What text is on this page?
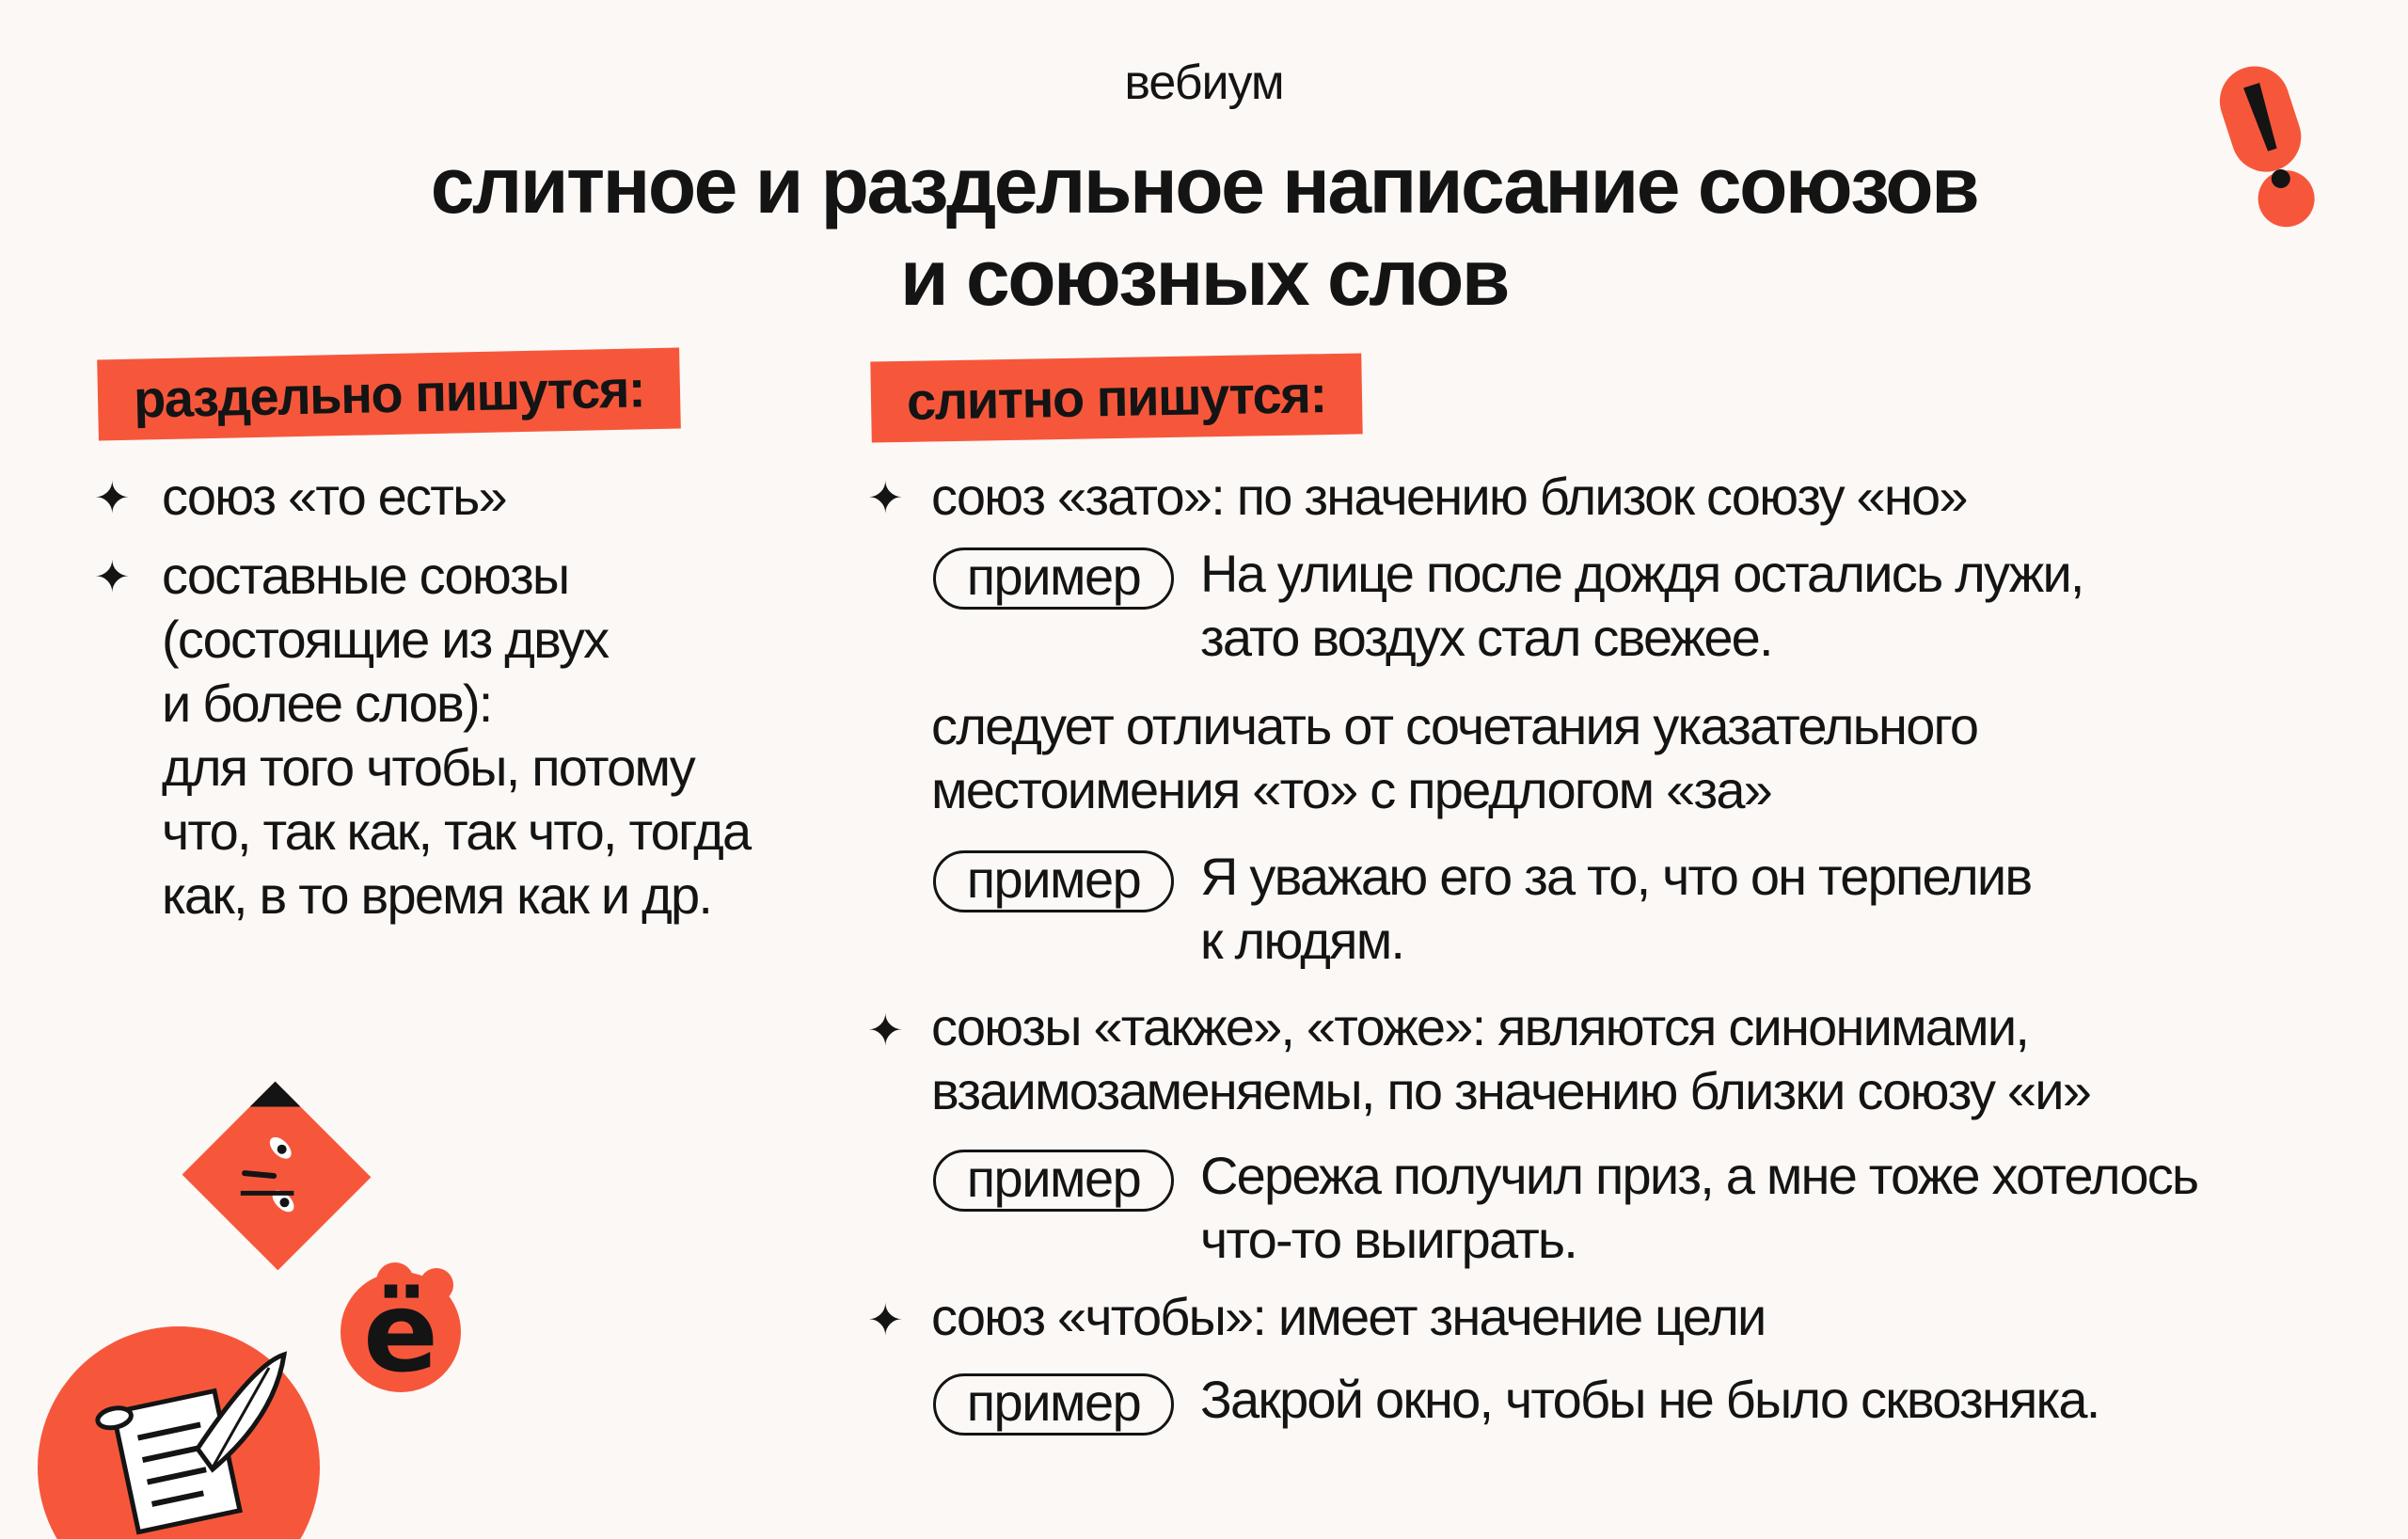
вебиум
слитное и раздельное написание союзов
и союзных слов
раздельно пишутся:
✦ союз «то есть»
✦ составные союзы
(состоящие из двух
и более слов):
для того чтобы, потому
что, так как, так что, тогда
как, в то время как и др.
слитно пишутся:
✦ союз «зато»: по значению близок союзу «но»
пример	На улице после дождя остались лужи,
зато воздух стал свежее.
следует отличать от сочетания указательного
местоимения «то» с предлогом «за»
пример	Я уважаю его за то, что он терпелив
к людям.
✦ союзы «также», «тоже»: являются синонимами,
взаимозаменяемы, по значению близки союзу «и»
пример	Сережа получил приз, а мне тоже хотелось
что-то выиграть.
✦ союз «чтобы»: имеет значение цели
пример	Закрой окно, чтобы не было сквозняка.
ё
